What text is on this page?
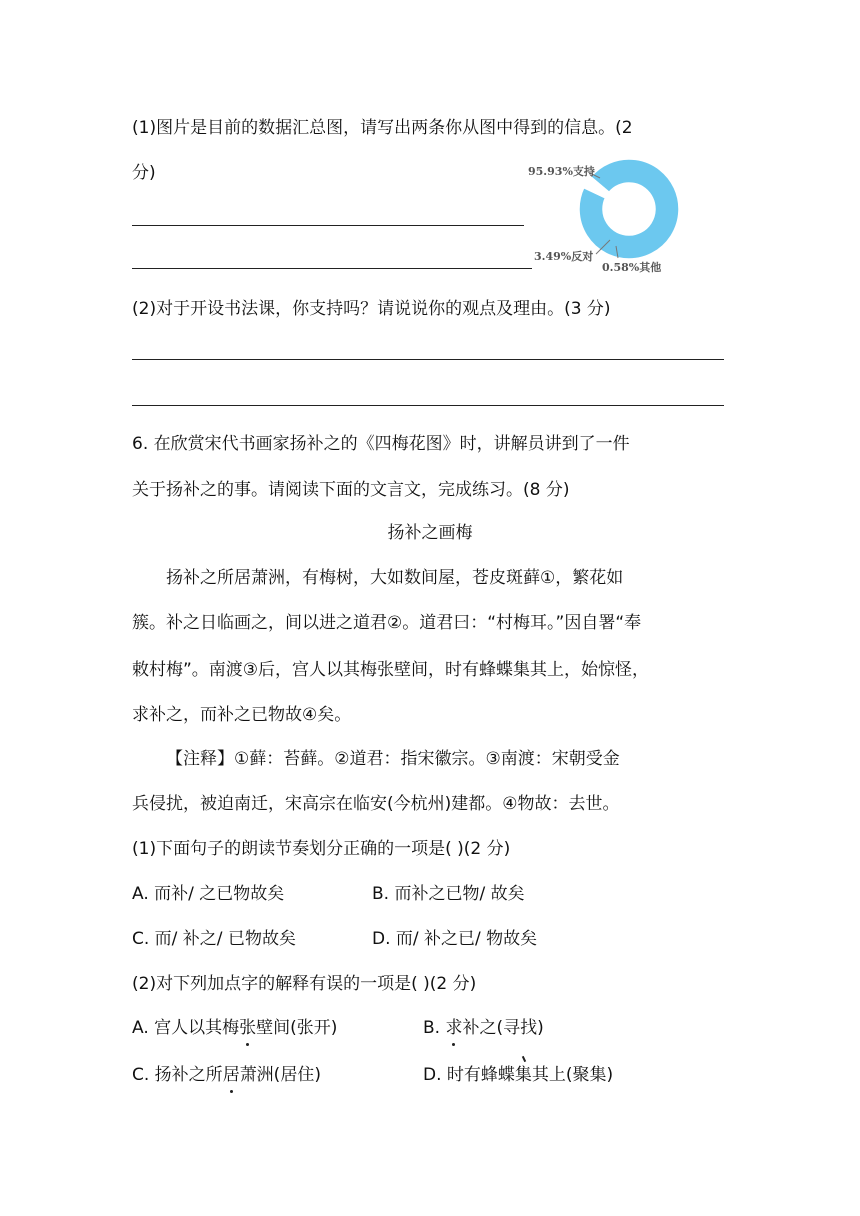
(1)图片是目前的数据汇总图，请写出两条你从图中得到的信息。(2
分)	95.93%支持
3.49%反对
0.58%其他
(2)对于开设书法课，你支持吗？请说说你的观点及理由。(3 分)
6. 在欣赏宋代书画家扬补之的《四梅花图》时，讲解员讲到了一件
关于扬补之的事。请阅读下面的文言文，完成练习。(8 分)
扬补之画梅
扬补之所居萧洲，有梅树，大如数间屋，苍皮斑藓①，繁花如
簇。补之日临画之，间以进之道君②。道君曰：“村梅耳。”因自署“奉
敕村梅”。南渡③后，宫人以其梅张壁间，时有蜂蝶集其上，始惊怪，
求补之，而补之已物故④矣。
【注释】①藓：苔藓。②道君：指宋徽宗。③南渡：宋朝受金
兵侵扰，被迫南迁，宋高宗在临安(今杭州)建都。④物故：去世。
(1)下面句子的朗读节奏划分正确的一项是( )(2 分)
A. 而补/ 之已物故矣	B. 而补之已物/ 故矣
C. 而/ 补之/ 已物故矣	D. 而/ 补之已/ 物故矣
(2)对下列加点字的解释有误的一项是( )(2 分)
A. 宫人以其梅张壁间(张开)	B. 求补之(寻找)
C. 扬补之所居萧洲(居住)	D. 时有蜂蝶集其上(聚集)
